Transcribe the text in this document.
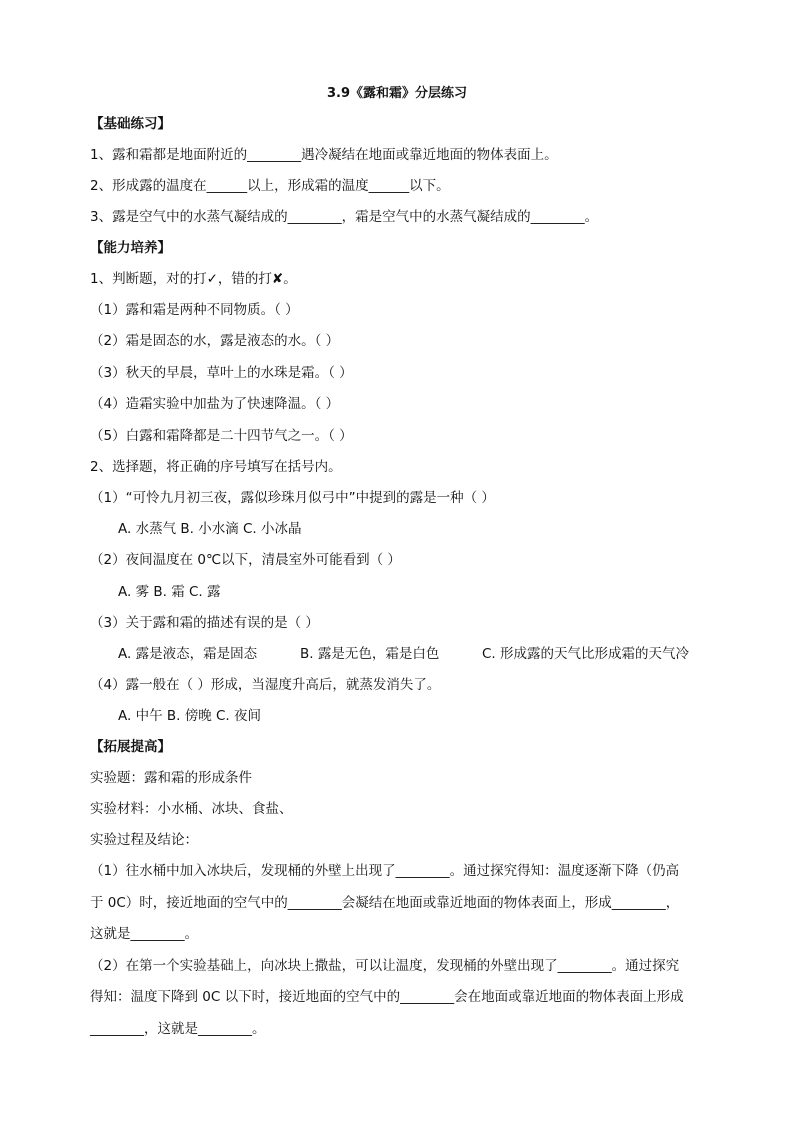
3.9《露和霜》分层练习
【基础练习】
1、露和霜都是地面附近的________遇冷凝结在地面或靠近地面的物体表面上。
2、形成露的温度在______以上，形成霜的温度______以下。
3、露是空气中的水蒸气凝结成的________，霜是空气中的水蒸气凝结成的________。
【能力培养】
1、判断题，对的打✓，错的打✘。
（1）露和霜是两种不同物质。（ ）
（2）霜是固态的水，露是液态的水。（ ）
（3）秋天的早晨，草叶上的水珠是霜。（ ）
（4）造霜实验中加盐为了快速降温。（ ）
（5）白露和霜降都是二十四节气之一。（ ）
2、选择题，将正确的序号填写在括号内。
（1）“可怜九月初三夜，露似珍珠月似弓中”中提到的露是一种（ ）
A. 水蒸气 B. 小水滴 C. 小冰晶
（2）夜间温度在 0℃以下，清晨室外可能看到（ ）
A. 雾 B. 霜 C. 露
（3）关于露和霜的描述有误的是（ ）
A. 露是液态，霜是固态	B. 露是无色，霜是白色	C. 形成露的天气比形成霜的天气冷
（4）露一般在（ ）形成，当湿度升高后，就蒸发消失了。
A. 中午 B. 傍晚 C. 夜间
【拓展提高】
实验题：露和霜的形成条件
实验材料：小水桶、冰块、食盐、
实验过程及结论：
（1）往水桶中加入冰块后，发现桶的外壁上出现了________。通过探究得知：温度逐渐下降（仍高
于 0C）时，接近地面的空气中的________会凝结在地面或靠近地面的物体表面上，形成________，
这就是________。
（2）在第一个实验基础上，向冰块上撒盐，可以让温度，发现桶的外壁出现了________。通过探究
得知：温度下降到 0C 以下时，接近地面的空气中的________会在地面或靠近地面的物体表面上形成
________，这就是________。
